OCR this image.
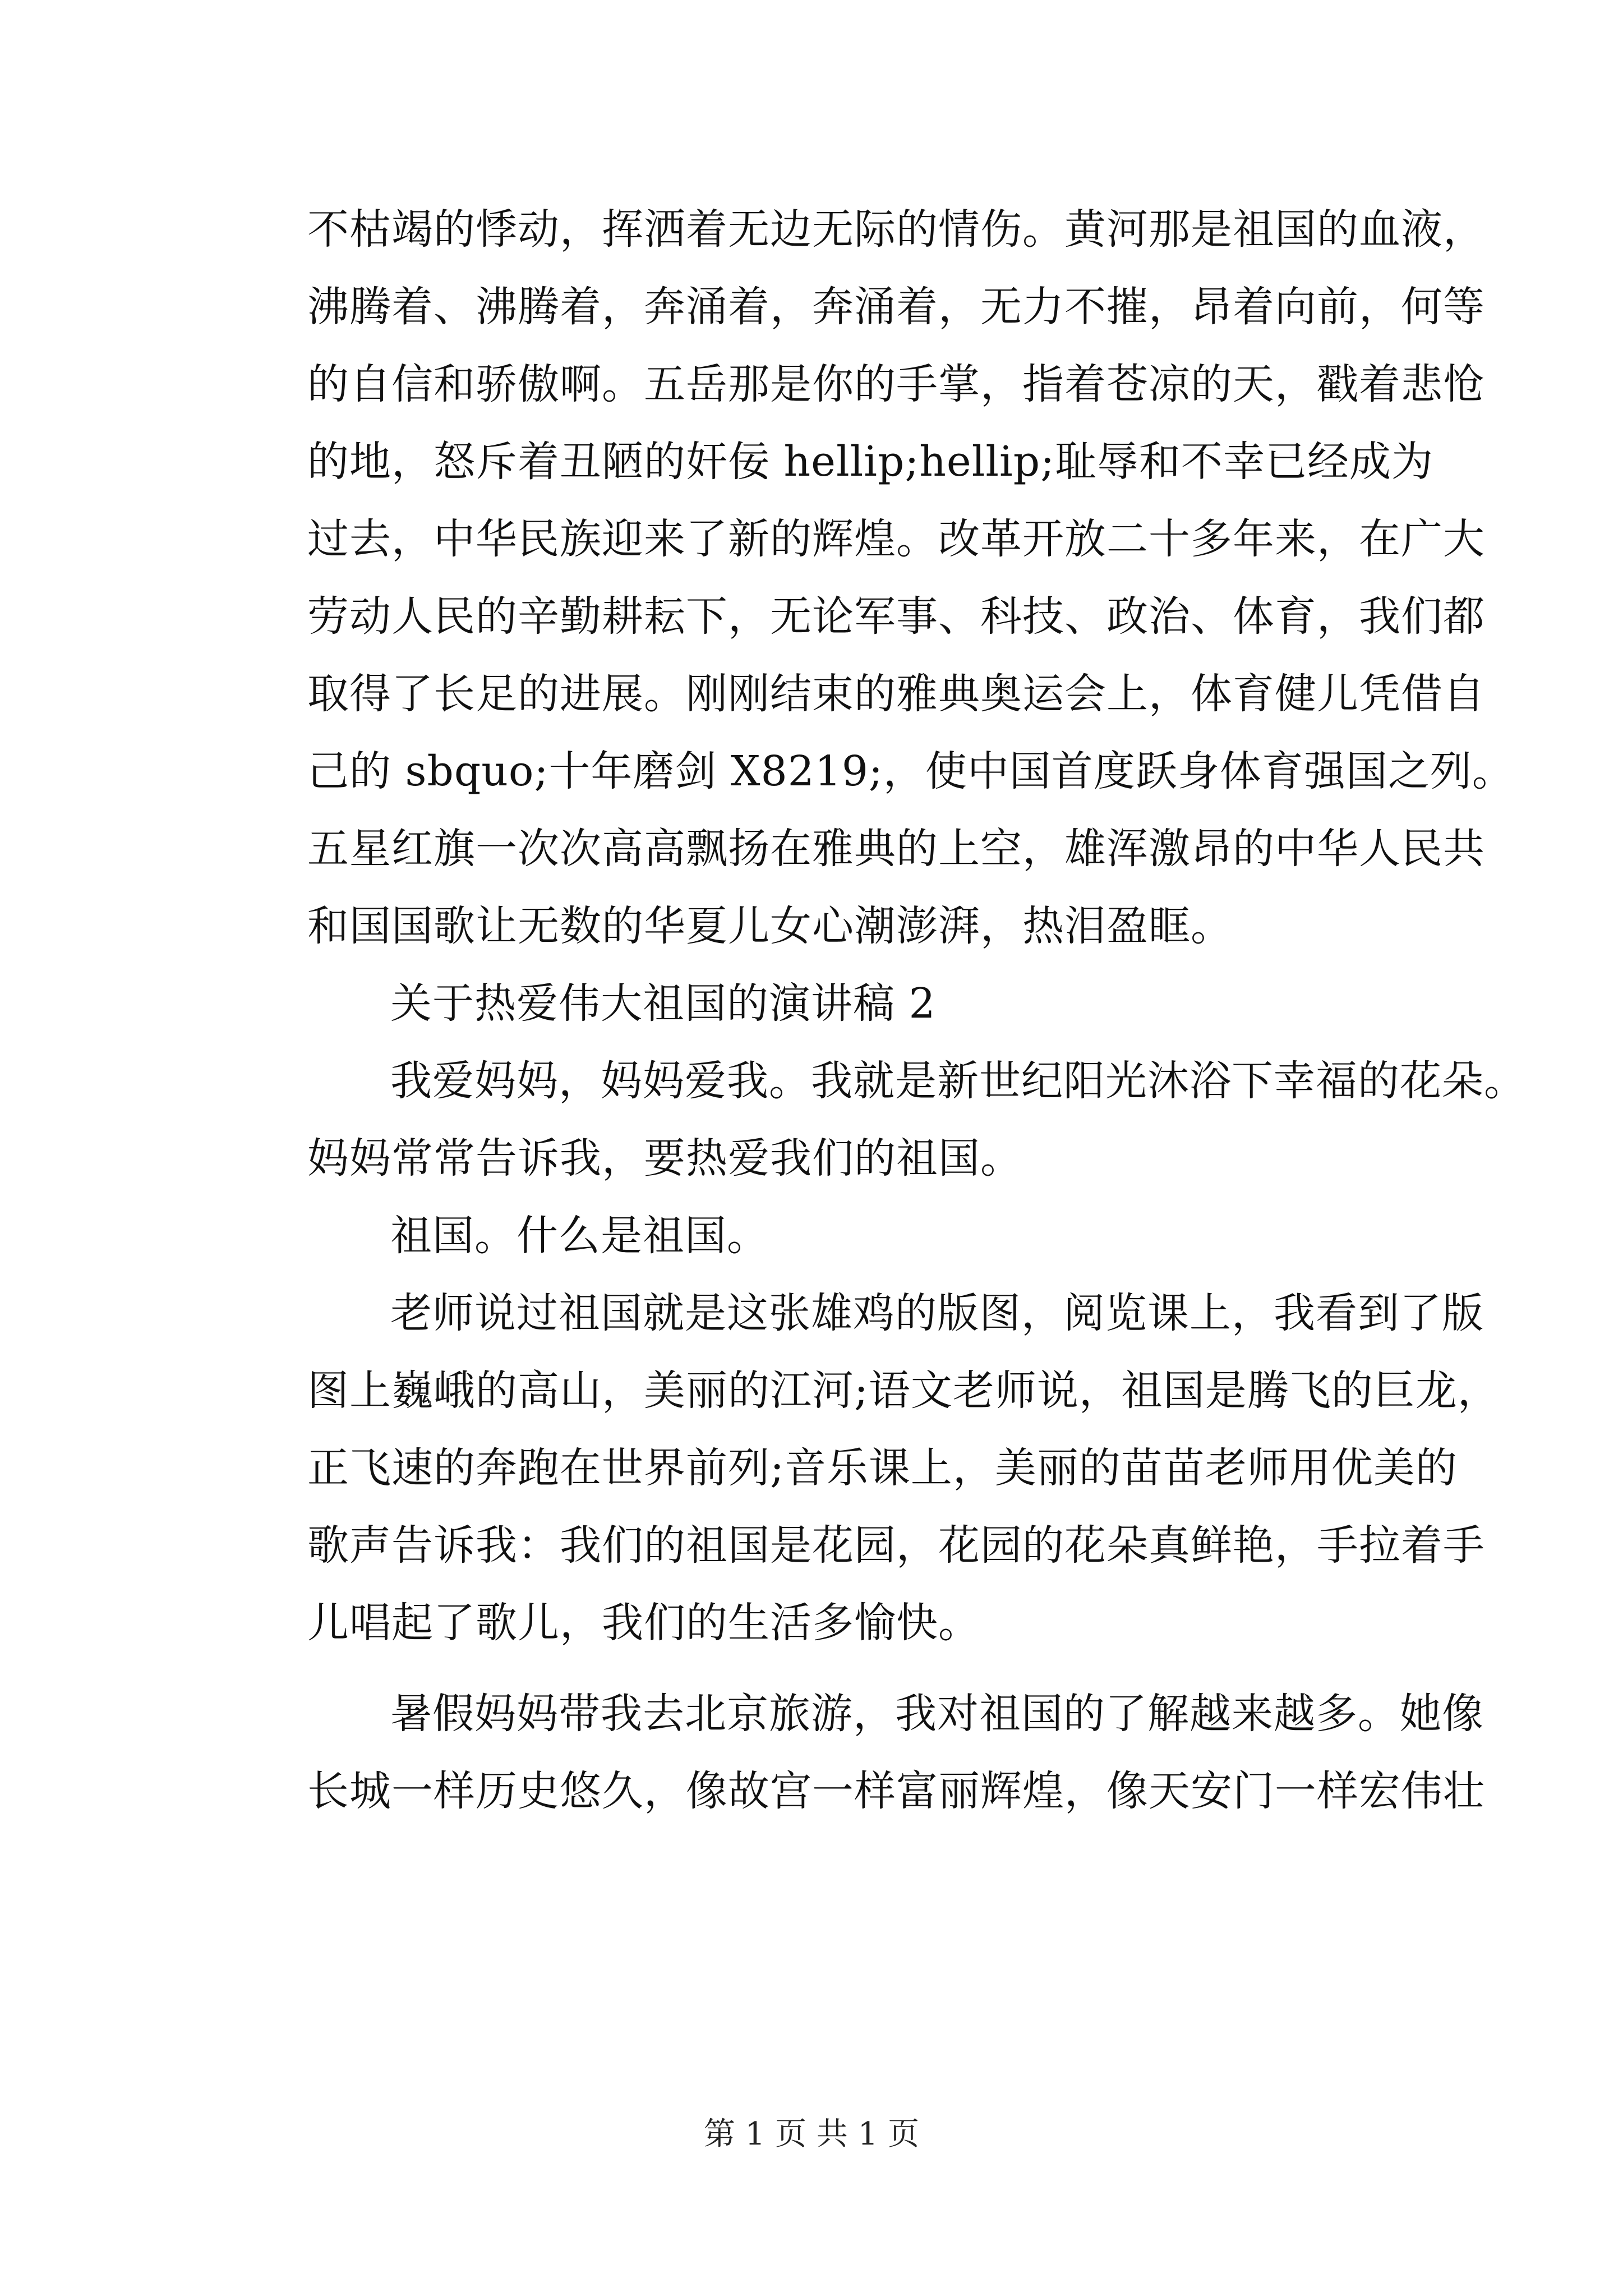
不枯竭的悸动，挥洒着无边无际的情伤。黄河那是祖国的血液，
沸腾着、沸腾着，奔涌着，奔涌着，无力不摧，昂着向前，何等
的自信和骄傲啊。五岳那是你的手掌，指着苍凉的天，戳着悲怆
的地，怒斥着丑陋的奸佞 hellip;hellip;耻辱和不幸已经成为
过去，中华民族迎来了新的辉煌。改革开放二十多年来，在广大
劳动人民的辛勤耕耘下，无论军事、科技、政治、体育，我们都
取得了长足的进展。刚刚结束的雅典奥运会上，体育健儿凭借自
己的 sbquo;十年磨剑 X8219;，使中国首度跃身体育强国之列。
五星红旗一次次高高飘扬在雅典的上空，雄浑激昂的中华人民共
和国国歌让无数的华夏儿女心潮澎湃，热泪盈眶。
关于热爱伟大祖国的演讲稿 2
我爱妈妈，妈妈爱我。我就是新世纪阳光沐浴下幸福的花朵。
妈妈常常告诉我，要热爱我们的祖国。
祖国。什么是祖国。
老师说过祖国就是这张雄鸡的版图，阅览课上，我看到了版
图上巍峨的高山，美丽的江河;语文老师说，祖国是腾飞的巨龙，
正飞速的奔跑在世界前列;音乐课上，美丽的苗苗老师用优美的
歌声告诉我：我们的祖国是花园，花园的花朵真鲜艳，手拉着手
儿唱起了歌儿，我们的生活多愉快。
暑假妈妈带我去北京旅游，我对祖国的了解越来越多。她像
长城一样历史悠久，像故宫一样富丽辉煌，像天安门一样宏伟壮
第 1 页 共 1 页
